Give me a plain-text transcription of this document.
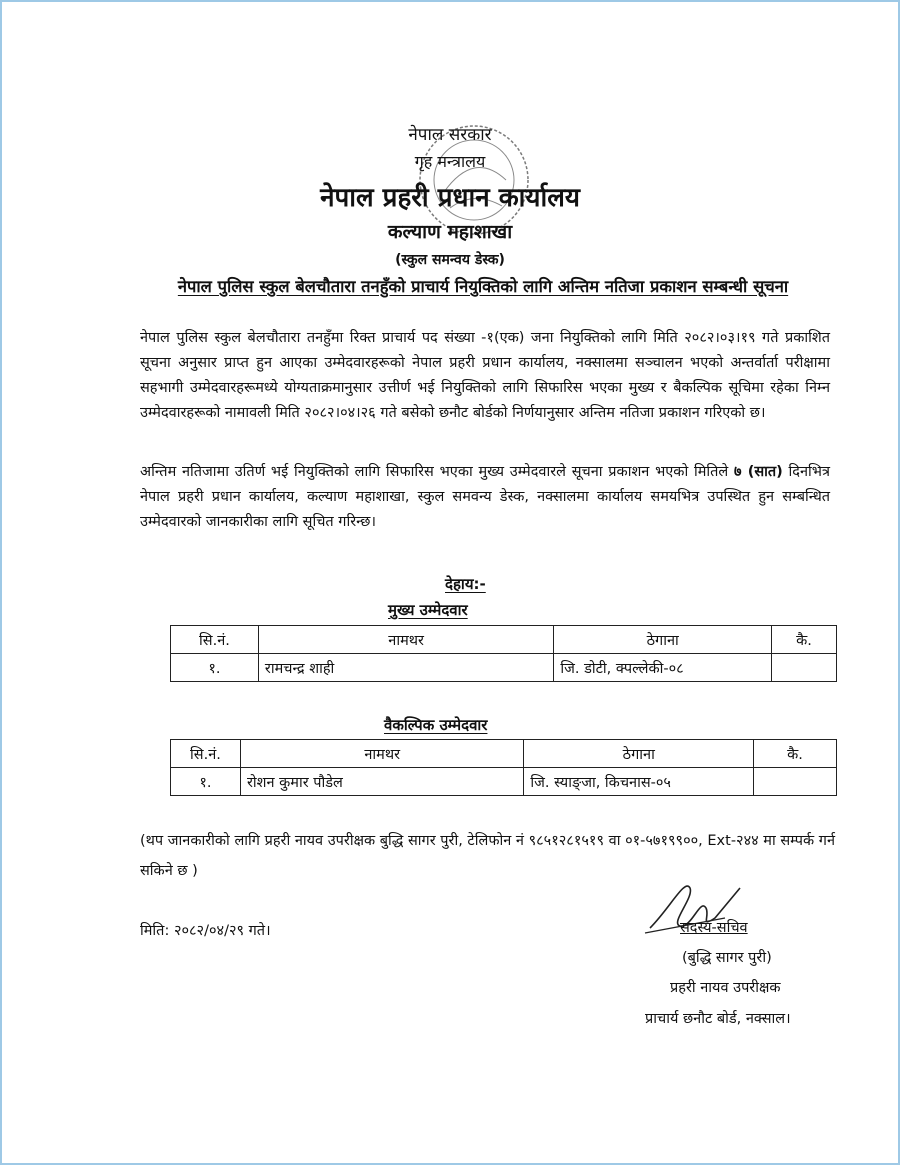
नेपाल सरकार
गृह मन्त्रालय
नेपाल प्रहरी प्रधान कार्यालय
कल्याण महाशाखा
(स्कुल समन्वय डेस्क)
नेपाल पुलिस स्कुल बेलचौतारा तनहुँको प्राचार्य नियुक्तिको लागि अन्तिम नतिजा प्रकाशन सम्बन्धी सूचना
नेपाल पुलिस स्कुल बेलचौतारा तनहुँमा रिक्त प्राचार्य पद संख्या -१(एक) जना नियुक्तिको लागि मिति २०८२।०३।१९ गते प्रकाशित सूचना अनुसार प्राप्त हुन आएका उम्मेदवारहरूको नेपाल प्रहरी प्रधान कार्यालय, नक्सालमा सञ्चालन भएको अन्तर्वार्ता परीक्षामा सहभागी उम्मेदवारहरूमध्ये योग्यताक्रमानुसार उत्तीर्ण भई नियुक्तिको लागि सिफारिस भएका मुख्य र बैकल्पिक सूचिमा रहेका निम्न उम्मेदवारहरूको नामावली मिति २०८२।०४।२६ गते बसेको छनौट बोर्डको निर्णयानुसार अन्तिम नतिजा प्रकाशन गरिएको छ।
अन्तिम नतिजामा उतिर्ण भई नियुक्तिको लागि सिफारिस भएका मुख्य उम्मेदवारले सूचना प्रकाशन भएको मितिले ७ (सात) दिनभित्र नेपाल प्रहरी प्रधान कार्यालय, कल्याण महाशाखा, स्कुल समवन्य डेस्क, नक्सालमा कार्यालय समयभित्र उपस्थित हुन सम्बन्धित उम्मेदवारको जानकारीका लागि सूचित गरिन्छ।
देहाय:-
मुख्य उम्मेदवार
सि.नं.	नामथर	ठेगाना	कै.
१.	रामचन्द्र शाही	जि. डोटी, क्पल्लेकी-०८	
वैकल्पिक उम्मेदवार
सि.नं.	नामथर	ठेगाना	कै.
१.	रोशन कुमार पौडेल	जि. स्याङ्जा, किचनास-०५	
(थप जानकारीको लागि प्रहरी नायव उपरीक्षक बुद्धि सागर पुरी, टेलिफोन नं ९८५१२८१५१९ वा ०१-५७१९९००, Ext-२४४ मा सम्पर्क गर्न सकिने छ )
मिति: २०८२/०४/२९ गते।	सदस्य-सचिव
(बुद्धि सागर पुरी)
प्रहरी नायव उपरीक्षक
प्राचार्य छनौट बोर्ड, नक्साल।
